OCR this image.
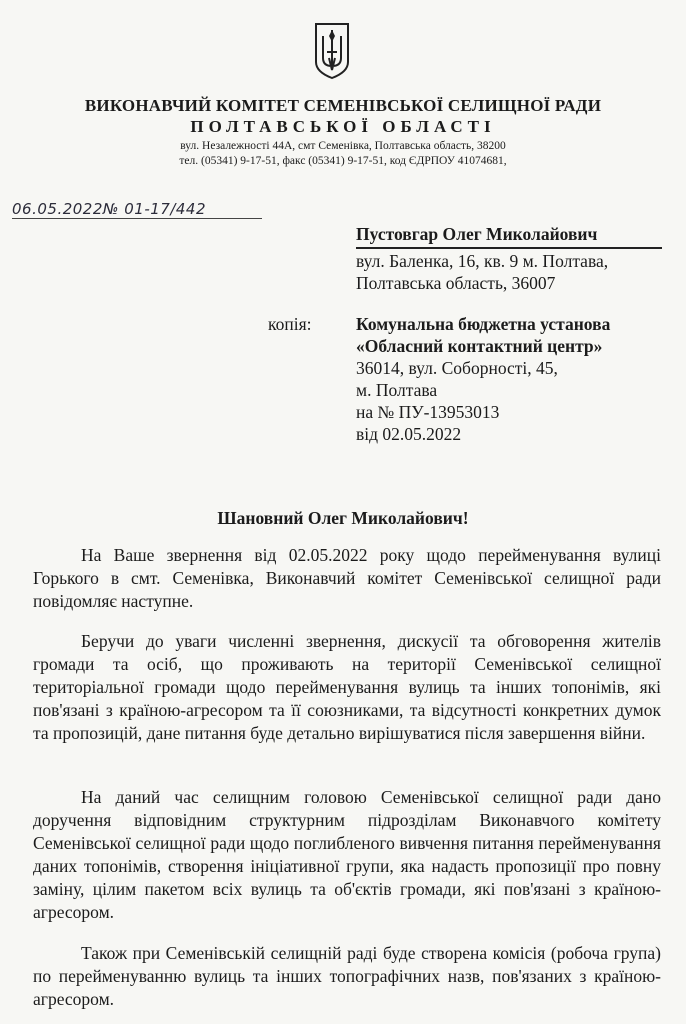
ВИКОНАВЧИЙ КОМІТЕТ СЕМЕНІВСЬКОЇ СЕЛИЩНОЇ РАДИ
ПОЛТАВСЬКОЇ ОБЛАСТІ
вул. Незалежності 44А, смт Семенівка, Полтавська область, 38200
тел. (05341) 9-17-51, факс (05341) 9-17-51, код ЄДРПОУ 41074681,
06.05.2022№ 01-17/442
Пустовгар Олег Миколайович
вул. Баленка, 16, кв. 9 м. Полтава,
Полтавська область, 36007
копія:	Комунальна бюджетна установа
«Обласний контактний центр»
36014, вул. Соборності, 45,
м. Полтава
на № ПУ-13953013
від 02.05.2022
Шановний Олег Миколайович!
На Ваше звернення від 02.05.2022 року щодо перейменування вулиці Горького в смт. Семенівка, Виконавчий комітет Семенівської селищної ради повідомляє наступне.
Беручи до уваги численні звернення, дискусії та обговорення жителів громади та осіб, що проживають на території Семенівської селищної територіальної громади щодо перейменування вулиць та інших топонімів, які пов'язані з країною-агресором та її союзниками, та відсутності конкретних думок та пропозицій, дане питання буде детально вирішуватися після завершення війни.
На даний час селищним головою Семенівської селищної ради дано доручення відповідним структурним підрозділам Виконавчого комітету Семенівської селищної ради щодо поглибленого вивчення питання перейменування даних топонімів, створення ініціативної групи, яка надасть пропозиції про повну заміну, цілим пакетом всіх вулиць та об'єктів громади, які пов'язані з країною-агресором.
Також при Семенівській селищній раді буде створена комісія (робоча група) по перейменуванню вулиць та інших топографічних назв, пов'язаних з країною-агресором.
